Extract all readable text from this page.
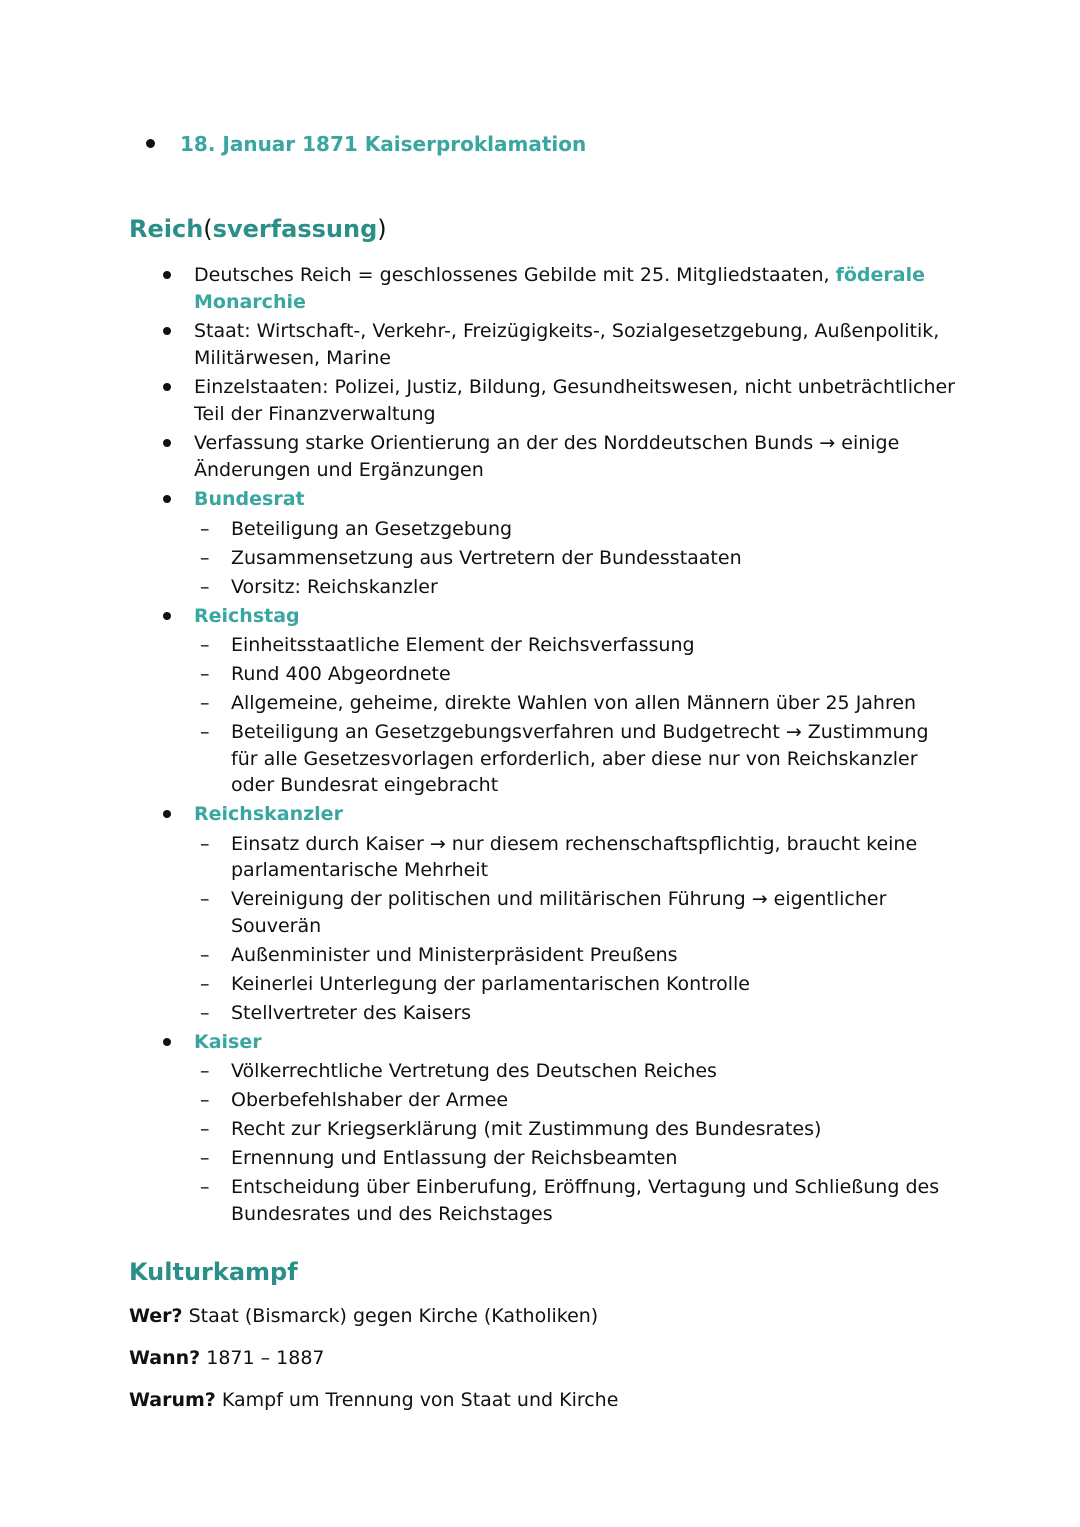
18. Januar 1871 Kaiserproklamation
Reich(sverfassung)
Deutsches Reich = geschlossenes Gebilde mit 25. Mitgliedstaaten, föderale Monarchie
Staat: Wirtschaft-, Verkehr-, Freizügigkeits-, Sozialgesetzgebung, Außenpolitik, Militärwesen, Marine
Einzelstaaten: Polizei, Justiz, Bildung, Gesundheitswesen, nicht unbeträchtlicher Teil der Finanzverwaltung
Verfassung starke Orientierung an der des Norddeutschen Bunds → einige Änderungen und Ergänzungen
Bundesrat
– Beteiligung an Gesetzgebung
– Zusammensetzung aus Vertretern der Bundesstaaten
– Vorsitz: Reichskanzler
Reichstag
– Einheitsstaatliche Element der Reichsverfassung
– Rund 400 Abgeordnete
– Allgemeine, geheime, direkte Wahlen von allen Männern über 25 Jahren
– Beteiligung an Gesetzgebungsverfahren und Budgetrecht → Zustimmung für alle Gesetzesvorlagen erforderlich, aber diese nur von Reichskanzler oder Bundesrat eingebracht
Reichskanzler
– Einsatz durch Kaiser → nur diesem rechenschaftspflichtig, braucht keine parlamentarische Mehrheit
– Vereinigung der politischen und militärischen Führung → eigentlicher Souverän
– Außenminister und Ministerpräsident Preußens
– Keinerlei Unterlegung der parlamentarischen Kontrolle
– Stellvertreter des Kaisers
Kaiser
– Völkerrechtliche Vertretung des Deutschen Reiches
– Oberbefehlshaber der Armee
– Recht zur Kriegserklärung (mit Zustimmung des Bundesrates)
– Ernennung und Entlassung der Reichsbeamten
– Entscheidung über Einberufung, Eröffnung, Vertagung und Schließung des Bundesrates und des Reichstages
Kulturkampf
Wer? Staat (Bismarck) gegen Kirche (Katholiken)
Wann? 1871 – 1887
Warum? Kampf um Trennung von Staat und Kirche
